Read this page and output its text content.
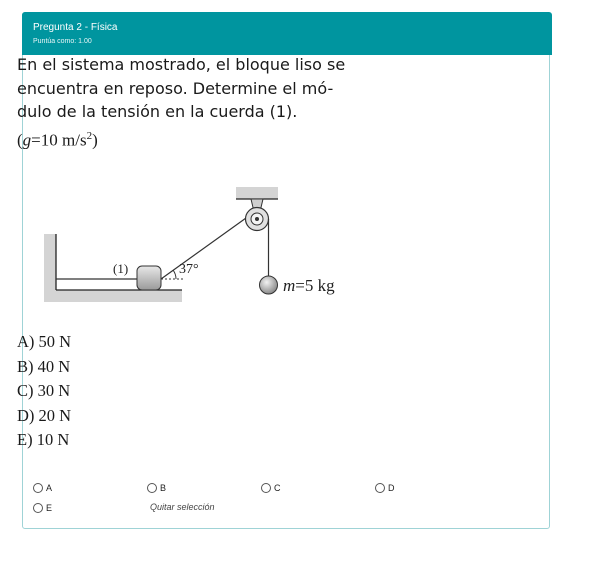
Pregunta 2 - Física
Puntúa como: 1.00

En el sistema mostrado, el bloque liso se

encuentra en reposo. Determine el mó-

dulo de la tensión en la cuerda (1).

(g=10 $m/s^2$)
(1)	37°
m=5 kg
A) 50 N
B) 40 N
C) 30 N
D) 20 N
E) 10 N
A	B	C	D
E	Quitar selección
